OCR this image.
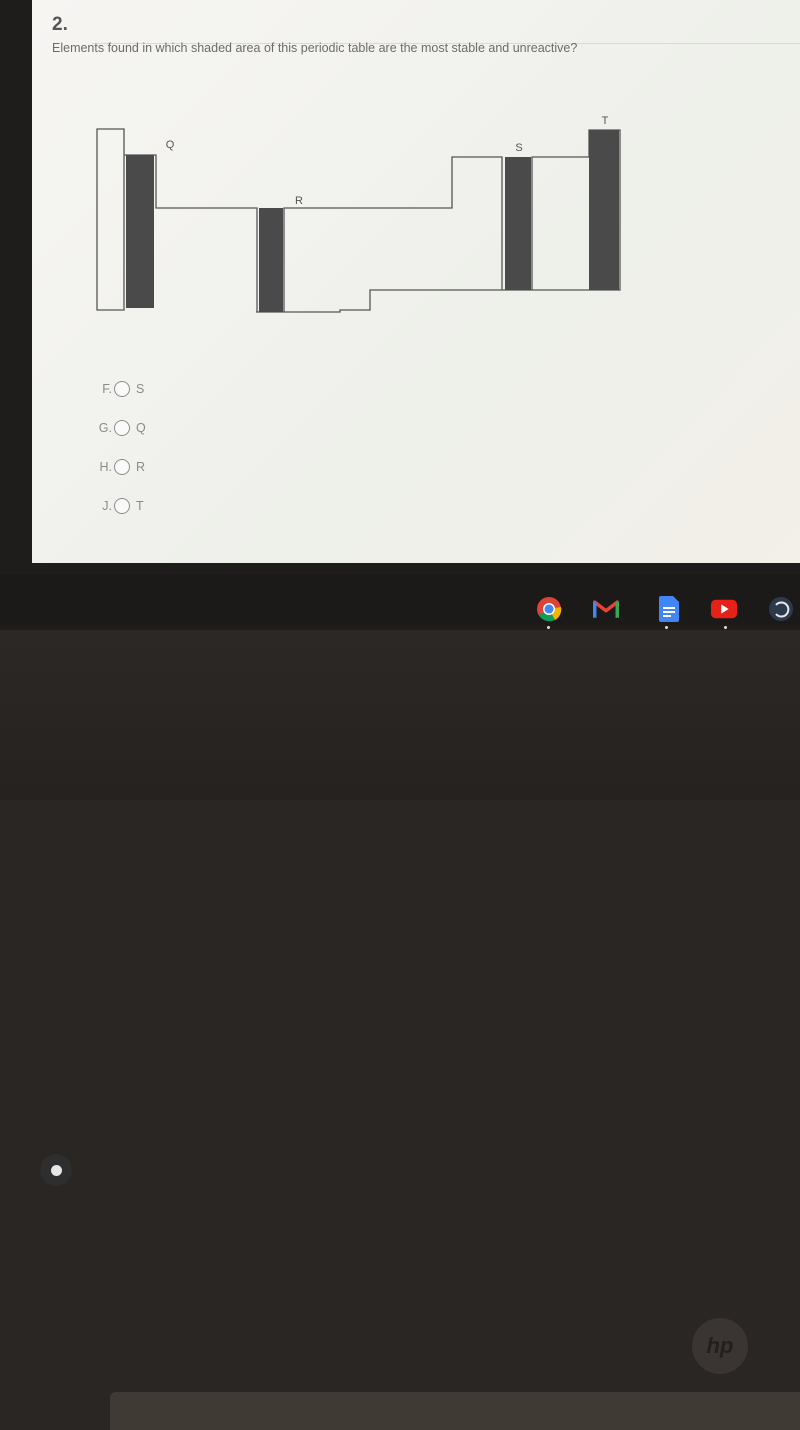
2.
Elements found in which shaded area of this periodic table are the most stable and unreactive?
Q
R
S
T
F. S
G. Q
H. R
J. T
hp
